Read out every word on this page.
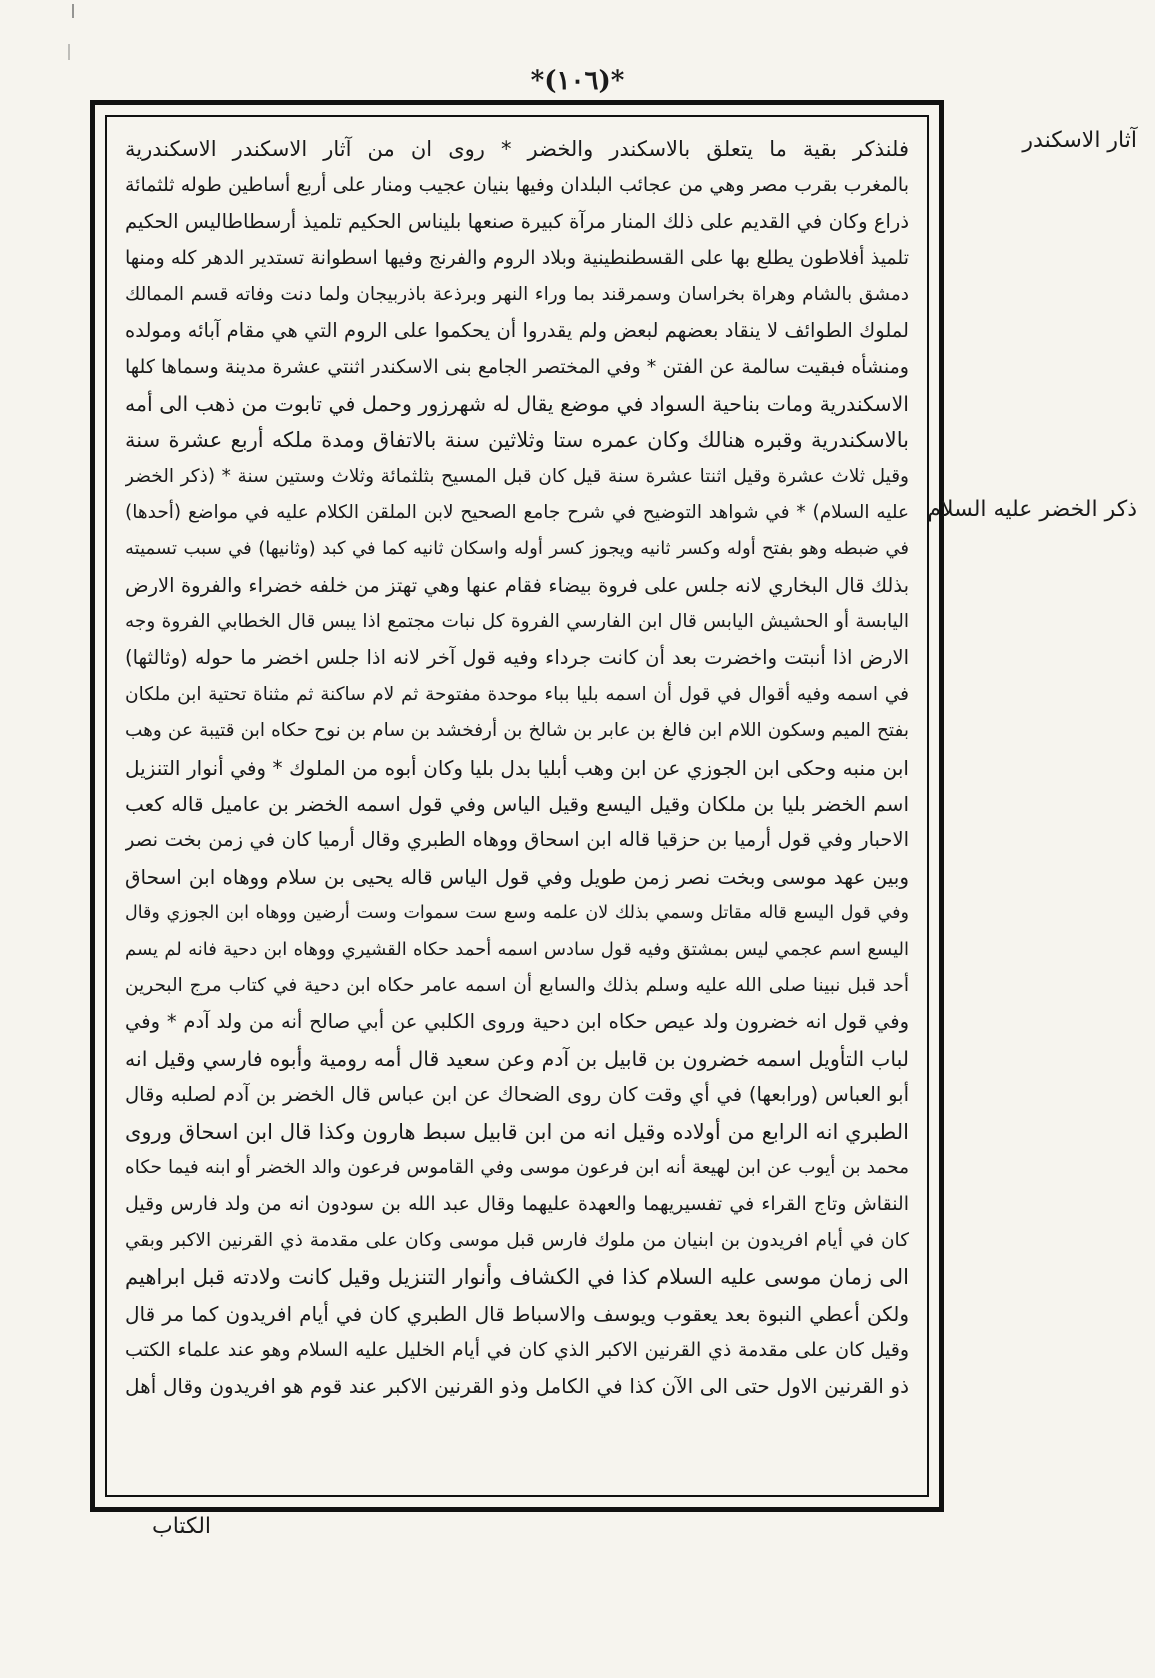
*(١٠٦)*
فلنذكر بقية ما يتعلق بالاسكندر والخضر * روى ان من آثار الاسكندر الاسكندرية
بالمغرب بقرب مصر وهي من عجائب البلدان وفيها بنيان عجيب ومنار على أربع أساطين طوله ثلثمائة
ذراع وكان في القديم على ذلك المنار مرآة كبيرة صنعها بليناس الحكيم تلميذ أرسطاطاليس الحكيم
تلميذ أفلاطون يطلع بها على القسطنطينية وبلاد الروم والفرنج وفيها اسطوانة تستدير الدهر كله ومنها
دمشق بالشام وهراة بخراسان وسمرقند بما وراء النهر وبرذعة باذربيجان ولما دنت وفاته قسم الممالك
لملوك الطوائف لا ينقاد بعضهم لبعض ولم يقدروا أن يحكموا على الروم التي هي مقام آبائه ومولده
ومنشأه فبقيت سالمة عن الفتن * وفي المختصر الجامع بنى الاسكندر اثنتي عشرة مدينة وسماها كلها
الاسكندرية ومات بناحية السواد في موضع يقال له شهرزور وحمل في تابوت من ذهب الى أمه
بالاسكندرية وقبره هنالك وكان عمره ستا وثلاثين سنة بالاتفاق ومدة ملكه أربع عشرة سنة
وقيل ثلاث عشرة وقيل اثنتا عشرة سنة قيل كان قبل المسيح بثلثمائة وثلاث وستين سنة * (ذكر الخضر
عليه السلام) * في شواهد التوضيح في شرح جامع الصحيح لابن الملقن الكلام عليه في مواضع (أحدها)
في ضبطه وهو بفتح أوله وكسر ثانيه ويجوز كسر أوله واسكان ثانيه كما في كبد (وثانيها) في سبب تسميته
بذلك قال البخاري لانه جلس على فروة بيضاء فقام عنها وهي تهتز من خلفه خضراء والفروة الارض
اليابسة أو الحشيش اليابس قال ابن الفارسي الفروة كل نبات مجتمع اذا يبس قال الخطابي الفروة وجه
الارض اذا أنبتت واخضرت بعد أن كانت جرداء وفيه قول آخر لانه اذا جلس اخضر ما حوله (وثالثها)
في اسمه وفيه أقوال في قول أن اسمه بليا بباء موحدة مفتوحة ثم لام ساكنة ثم مثناة تحتية ابن ملكان
بفتح الميم وسكون اللام ابن فالغ بن عابر بن شالخ بن أرفخشد بن سام بن نوح حكاه ابن قتيبة عن وهب
ابن منبه وحكى ابن الجوزي عن ابن وهب أبليا بدل بليا وكان أبوه من الملوك * وفي أنوار التنزيل
اسم الخضر بليا بن ملكان وقيل اليسع وقيل الياس وفي قول اسمه الخضر بن عاميل قاله كعب
الاحبار وفي قول أرميا بن حزقيا قاله ابن اسحاق ووهاه الطبري وقال أرميا كان في زمن بخت نصر
وبين عهد موسى وبخت نصر زمن طويل وفي قول الياس قاله يحيى بن سلام ووهاه ابن اسحاق
وفي قول اليسع قاله مقاتل وسمي بذلك لان علمه وسع ست سموات وست أرضين ووهاه ابن الجوزي وقال
اليسع اسم عجمي ليس بمشتق وفيه قول سادس اسمه أحمد حكاه القشيري ووهاه ابن دحية فانه لم يسم
أحد قبل نبينا صلى الله عليه وسلم بذلك والسابع أن اسمه عامر حكاه ابن دحية في كتاب مرج البحرين
وفي قول انه خضرون ولد عيص حكاه ابن دحية وروى الكلبي عن أبي صالح أنه من ولد آدم * وفي
لباب التأويل اسمه خضرون بن قابيل بن آدم وعن سعيد قال أمه رومية وأبوه فارسي وقيل انه
أبو العباس (ورابعها) في أي وقت كان روى الضحاك عن ابن عباس قال الخضر بن آدم لصلبه وقال
الطبري انه الرابع من أولاده وقيل انه من ابن قابيل سبط هارون وكذا قال ابن اسحاق وروى
محمد بن أيوب عن ابن لهيعة أنه ابن فرعون موسى وفي القاموس فرعون والد الخضر أو ابنه فيما حكاه
النقاش وتاج القراء في تفسيريهما والعهدة عليهما وقال عبد الله بن سودون انه من ولد فارس وقيل
كان في أيام افريدون بن ابنيان من ملوك فارس قبل موسى وكان على مقدمة ذي القرنين الاكبر وبقي
الى زمان موسى عليه السلام كذا في الكشاف وأنوار التنزيل وقيل كانت ولادته قبل ابراهيم
ولكن أعطي النبوة بعد يعقوب ويوسف والاسباط قال الطبري كان في أيام افريدون كما مر قال
وقيل كان على مقدمة ذي القرنين الاكبر الذي كان في أيام الخليل عليه السلام وهو عند علماء الكتب
ذو القرنين الاول حتى الى الآن كذا في الكامل وذو القرنين الاكبر عند قوم هو افريدون وقال أهل
آثار الاسكندر
ذكر الخضر عليه السلام
الكتاب
